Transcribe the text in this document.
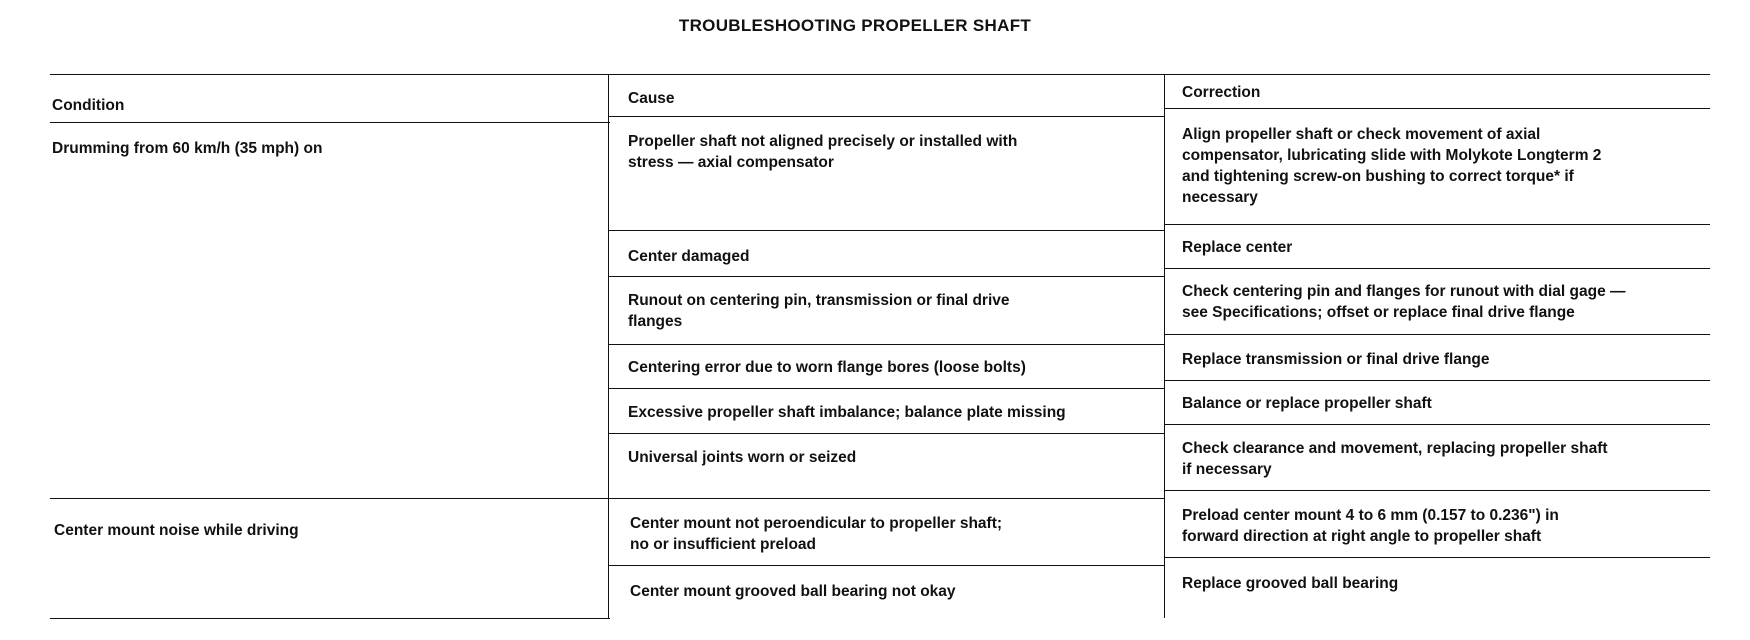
TROUBLESHOOTING PROPELLER SHAFT
Condition	Cause	Correction
Drumming from 60 km/h (35 mph) on
Center mount noise while driving
Propeller shaft not aligned precisely or installed with
stress — axial compensator
Center damaged
Runout on centering pin, transmission or final drive
flanges
Centering error due to worn flange bores (loose bolts)
Excessive propeller shaft imbalance; balance plate missing
Universal joints worn or seized
Center mount not peroendicular to propeller shaft;
no or insufficient preload
Center mount grooved ball bearing not okay
Align propeller shaft or check movement of axial
compensator, lubricating slide with Molykote Longterm 2
and tightening screw-on bushing to correct torque* if
necessary
Replace center
Check centering pin and flanges for runout with dial gage —
see Specifications; offset or replace final drive flange
Replace transmission or final drive flange
Balance or replace propeller shaft
Check clearance and movement, replacing propeller shaft
if necessary
Preload center mount 4 to 6 mm (0.157 to 0.236") in
forward direction at right angle to propeller shaft
Replace grooved ball bearing
